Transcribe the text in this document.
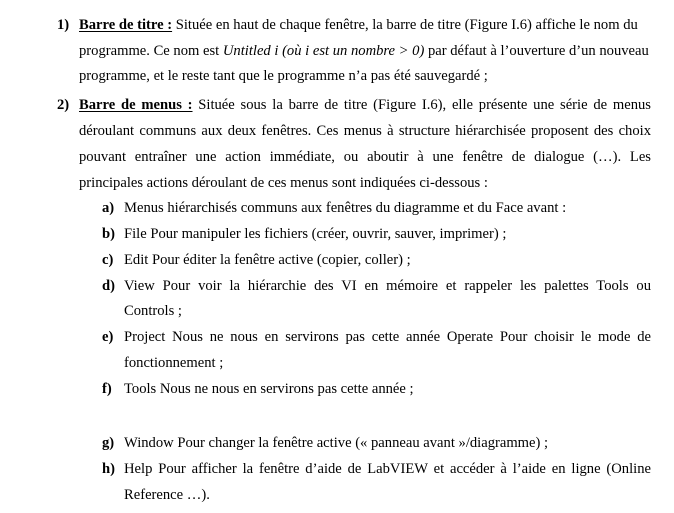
1) Barre de titre : Située en haut de chaque fenêtre, la barre de titre (Figure I.6) affiche le nom du
programme. Ce nom est Untitled i (où i est un nombre > 0) par défaut à l’ouverture d’un nouveau
programme, et le reste tant que le programme n’a pas été sauvegardé ;
2) Barre de menus : Située sous la barre de titre (Figure I.6), elle présente une série de menus
déroulant communs aux deux fenêtres. Ces menus à structure hiérarchisée proposent des choix
pouvant entraîner une action immédiate, ou aboutir à une fenêtre de dialogue (…). Les
principales actions déroulant de ces menus sont indiquées ci-dessous :
a) Menus hiérarchisés communs aux fenêtres du diagramme et du Face avant :
b) File Pour manipuler les fichiers (créer, ouvrir, sauver, imprimer) ;
c) Edit Pour éditer la fenêtre active (copier, coller) ;
d) View Pour voir la hiérarchie des VI en mémoire et rappeler les palettes Tools ou
Controls ;
e) Project Nous ne nous en servirons pas cette année Operate Pour choisir le mode de
fonctionnement ;
f) Tools Nous ne nous en servirons pas cette année ;
g) Window Pour changer la fenêtre active (« panneau avant »/diagramme) ;
h) Help Pour afficher la fenêtre d’aide de LabVIEW et accéder à l’aide en ligne (Online
Reference …).
